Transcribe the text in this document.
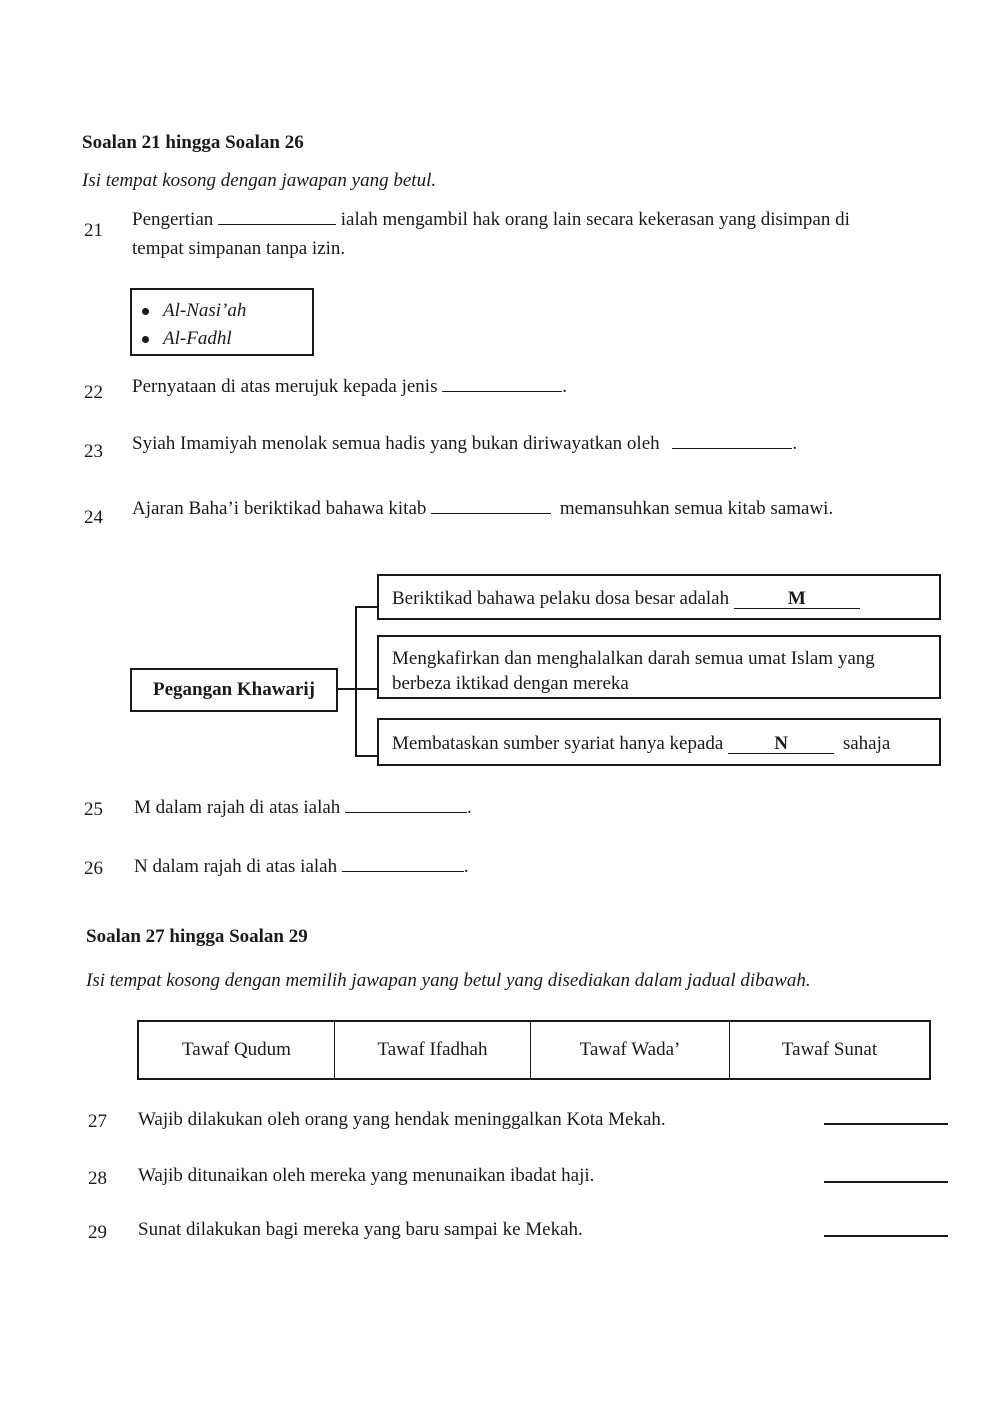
Soalan 21 hingga Soalan 26
Isi tempat kosong dengan jawapan yang betul.
21
Pengertian	ialah mengambil hak orang lain secara kekerasan yang disimpan di
tempat simpanan tanpa izin.
Al-Nasi’ah
Al-Fadhl
22 Pernyataan di atas merujuk kepada jenis	.
23 Syiah Imamiyah menolak semua hadis yang bukan diriwayatkan oleh	.
24 Ajaran Baha’i beriktikad bahawa kitab	memansuhkan semua kitab samawi.
Pegangan Khawarij
Beriktikad bahawa pelaku dosa besar adalah	M
Mengkafirkan dan menghalalkan darah semua umat Islam yang
berbeza iktikad dengan mereka
Membataskan sumber syariat hanya kepada	N	sahaja
25 M dalam rajah di atas ialah	.
26 N dalam rajah di atas ialah	.
Soalan 27 hingga Soalan 29
Isi tempat kosong dengan memilih jawapan yang betul yang disediakan dalam jadual dibawah.
Tawaf Qudum	Tawaf Ifadhah	Tawaf Wada’	Tawaf Sunat
27 Wajib dilakukan oleh orang yang hendak meninggalkan Kota Mekah.
28 Wajib ditunaikan oleh mereka yang menunaikan ibadat haji.
29 Sunat dilakukan bagi mereka yang baru sampai ke Mekah.
